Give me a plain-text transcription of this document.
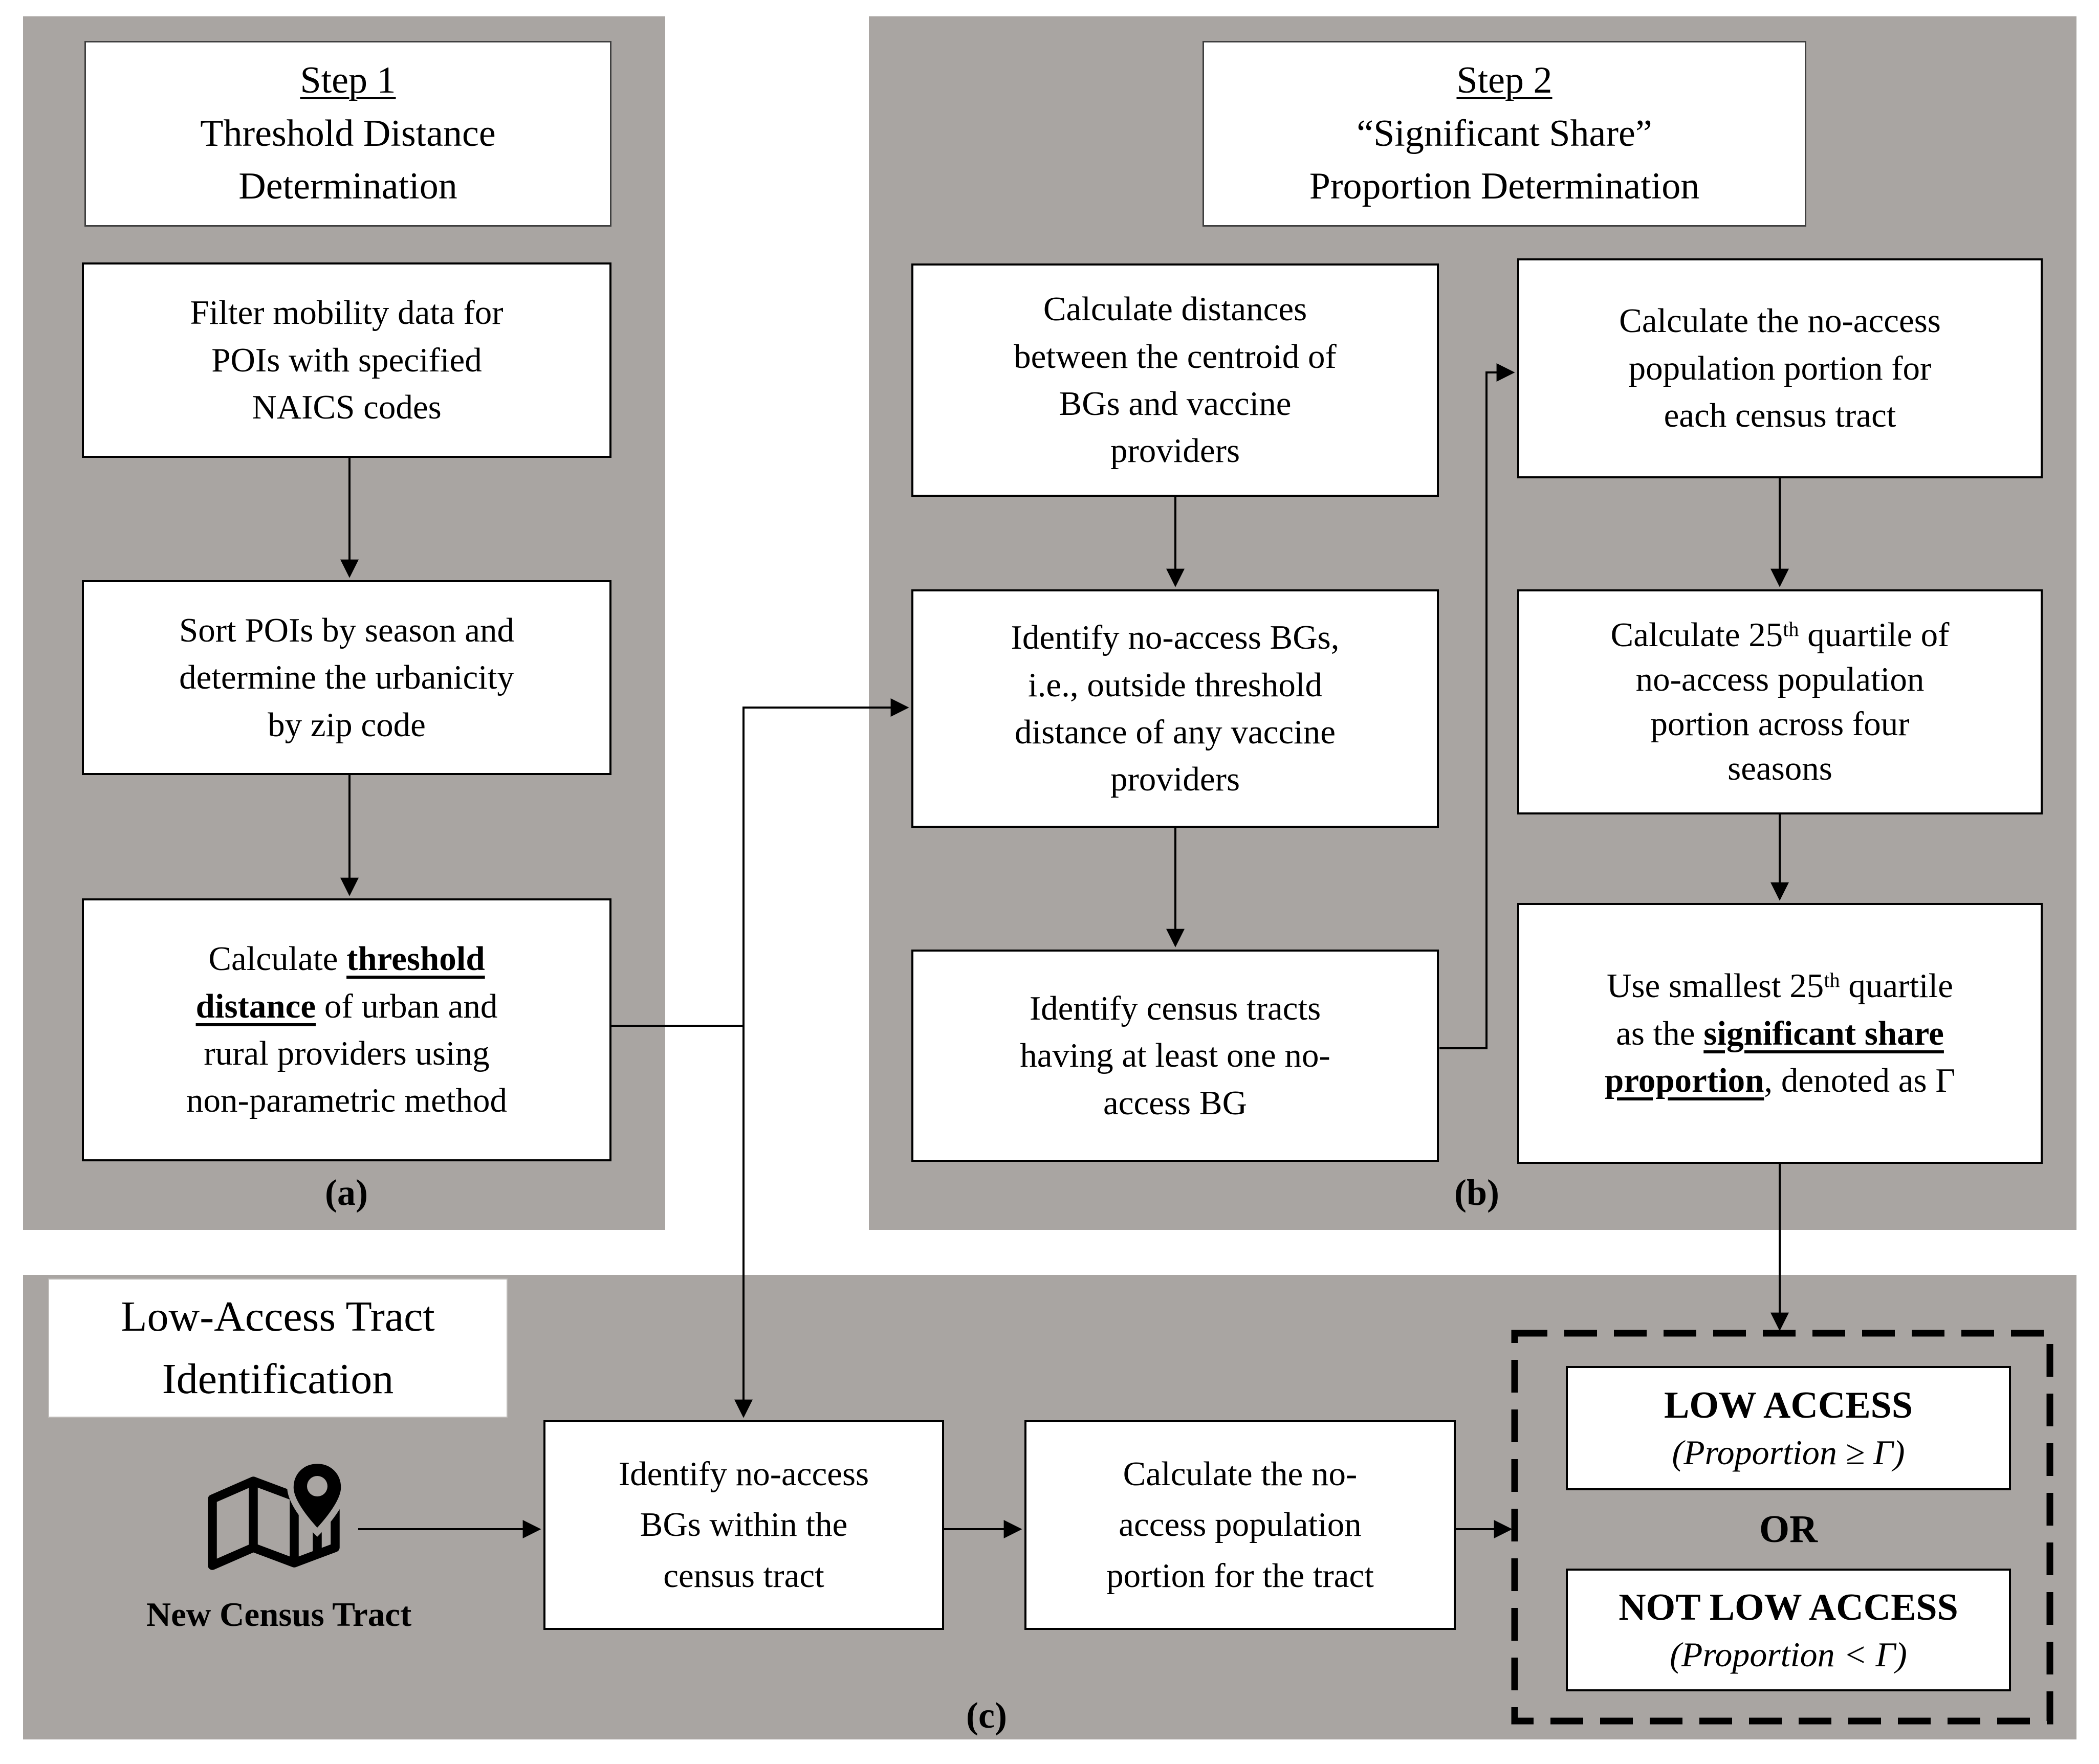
Step 1
Threshold Distance
Determination
Filter mobility data for
POIs with specified
NAICS codes
Sort POIs by season and
determine the urbanicity
by zip code
Calculate threshold
distance of urban and
rural providers using
non-parametric method
(a)
Step 2
“Significant Share”
Proportion Determination
Calculate distances
between the centroid of
BGs and vaccine
providers
Identify no-access BGs,
i.e., outside threshold
distance of any vaccine
providers
Identify census tracts
having at least one no-
access BG
Calculate the no-access
population portion for
each census tract
Calculate 25th quartile of
no-access population
portion across four
seasons
Use smallest 25th quartile
as the significant share
proportion, denoted as Γ
(b)
Low-Access Tract
Identification
New Census Tract
Identify no-access
BGs within the
census tract
Calculate the no-
access population
portion for the tract
LOW ACCESS
(Proportion ≥ Γ)
OR
NOT LOW ACCESS
(Proportion < Γ)
(c)
